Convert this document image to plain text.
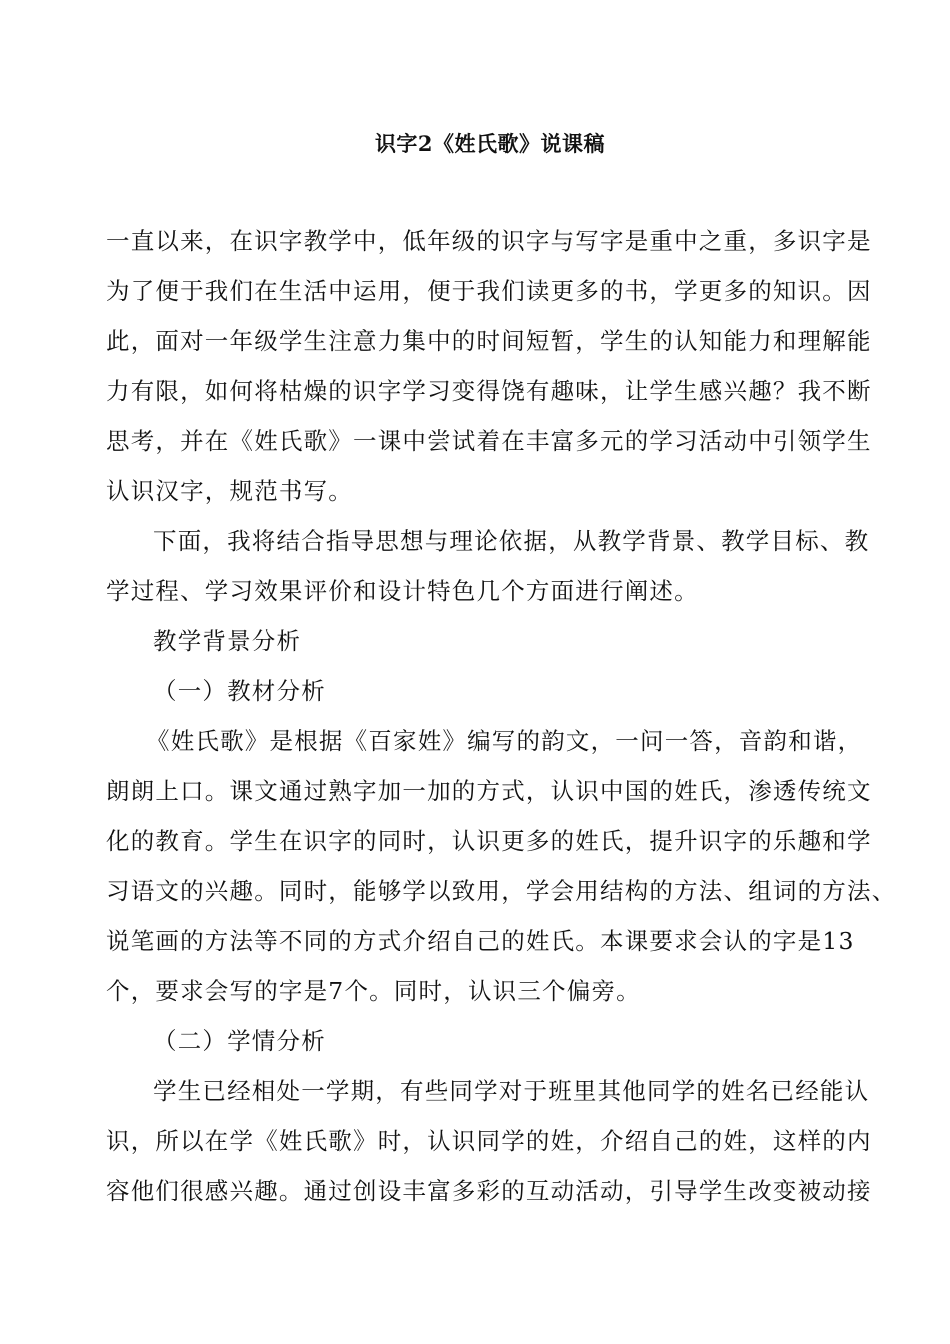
识字2《姓氏歌》说课稿
一直以来，在识字教学中，低年级的识字与写字是重中之重，多识字是
为了便于我们在生活中运用，便于我们读更多的书，学更多的知识。因
此，面对一年级学生注意力集中的时间短暂，学生的认知能力和理解能
力有限，如何将枯燥的识字学习变得饶有趣味，让学生感兴趣？我不断
思考，并在《姓氏歌》一课中尝试着在丰富多元的学习活动中引领学生
认识汉字，规范书写。
下面，我将结合指导思想与理论依据，从教学背景、教学目标、教
学过程、学习效果评价和设计特色几个方面进行阐述。
教学背景分析
（一）教材分析
《姓氏歌》是根据《百家姓》编写的韵文，一问一答，音韵和谐，
朗朗上口。课文通过熟字加一加的方式，认识中国的姓氏，渗透传统文
化的教育。学生在识字的同时，认识更多的姓氏，提升识字的乐趣和学
习语文的兴趣。同时，能够学以致用，学会用结构的方法、组词的方法、
说笔画的方法等不同的方式介绍自己的姓氏。本课要求会认的字是13
个，要求会写的字是7个。同时，认识三个偏旁。
（二）学情分析
学生已经相处一学期，有些同学对于班里其他同学的姓名已经能认
识，所以在学《姓氏歌》时，认识同学的姓，介绍自己的姓，这样的内
容他们很感兴趣。通过创设丰富多彩的互动活动，引导学生改变被动接
